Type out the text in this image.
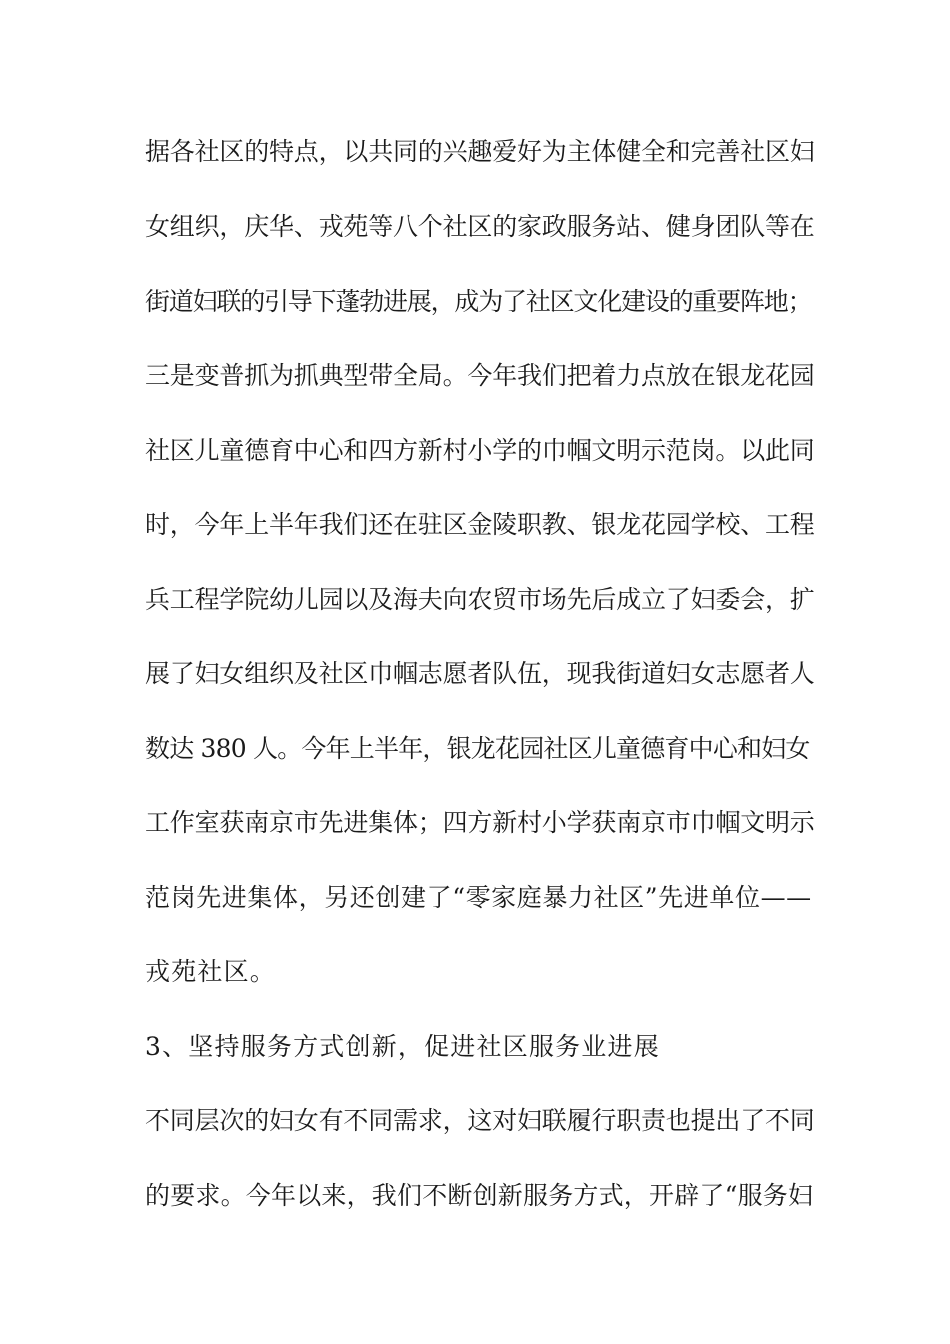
据各社区的特点，以共同的兴趣爱好为主体健全和完善社区妇
女组织，庆华、戎苑等八个社区的家政服务站、健身团队等在
街道妇联的引导下蓬勃进展，成为了社区文化建设的重要阵地；
三是变普抓为抓典型带全局。今年我们把着力点放在银龙花园
社区儿童德育中心和四方新村小学的巾帼文明示范岗。以此同
时，今年上半年我们还在驻区金陵职教、银龙花园学校、工程
兵工程学院幼儿园以及海夫向农贸市场先后成立了妇委会，扩
展了妇女组织及社区巾帼志愿者队伍，现我街道妇女志愿者人
数达 380 人。今年上半年，银龙花园社区儿童德育中心和妇女
工作室获南京市先进集体；四方新村小学获南京市巾帼文明示
范岗先进集体，另还创建了“零家庭暴力社区”先进单位——
戎苑社区。
3、坚持服务方式创新，促进社区服务业进展
不同层次的妇女有不同需求，这对妇联履行职责也提出了不同
的要求。今年以来，我们不断创新服务方式，开辟了“服务妇
